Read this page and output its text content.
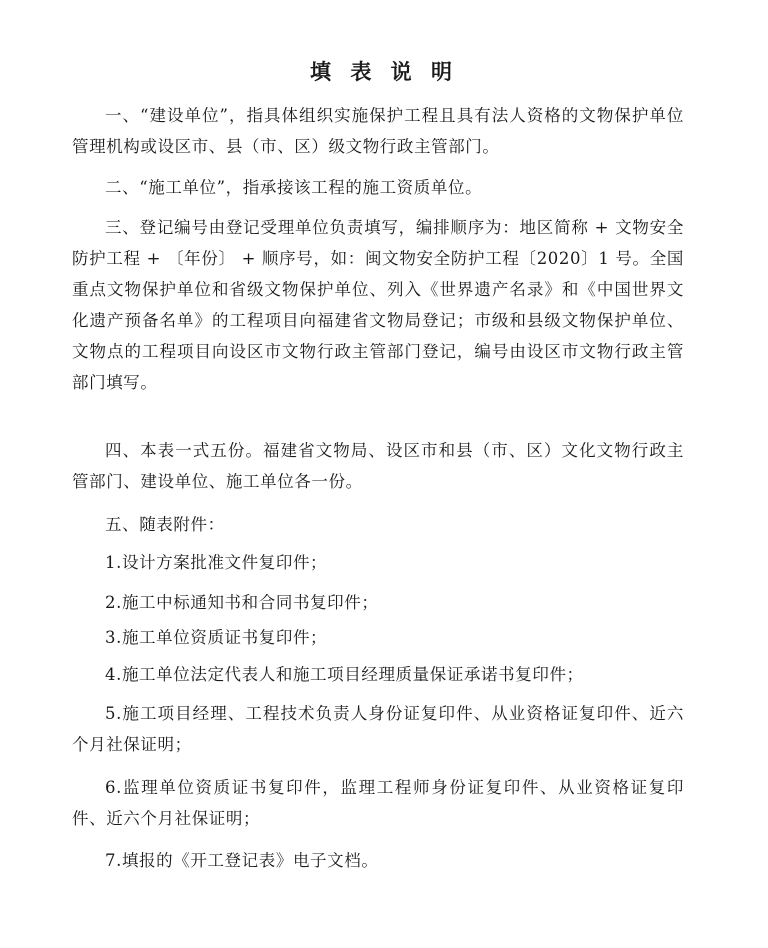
填 表 说 明

一、“建设单位”，指具体组织实施保护工程且具有法人资格的文物保护单位管理机构或设区市、县（市、区）级文物行政主管部门。

二、“施工单位”，指承接该工程的施工资质单位。

三、登记编号由登记受理单位负责填写，编排顺序为：地区简称 + 文物安全防护工程 + 〔年份〕 + 顺序号，如：闽文物安全防护工程〔2020〕1 号。全国重点文物保护单位和省级文物保护单位、列入《世界遗产名录》和《中国世界文化遗产预备名单》的工程项目向福建省文物局登记；市级和县级文物保护单位、文物点的工程项目向设区市文物行政主管部门登记，编号由设区市文物行政主管部门填写。

四、本表一式五份。福建省文物局、设区市和县（市、区）文化文物行政主管部门、建设单位、施工单位各一份。

五、随表附件：

1.设计方案批准文件复印件；

2.施工中标通知书和合同书复印件；

3.施工单位资质证书复印件；

4.施工单位法定代表人和施工项目经理质量保证承诺书复印件；

5.施工项目经理、工程技术负责人身份证复印件、从业资格证复印件、近六个月社保证明；

6.监理单位资质证书复印件，监理工程师身份证复印件、从业资格证复印件、近六个月社保证明；

7.填报的《开工登记表》电子文档。
